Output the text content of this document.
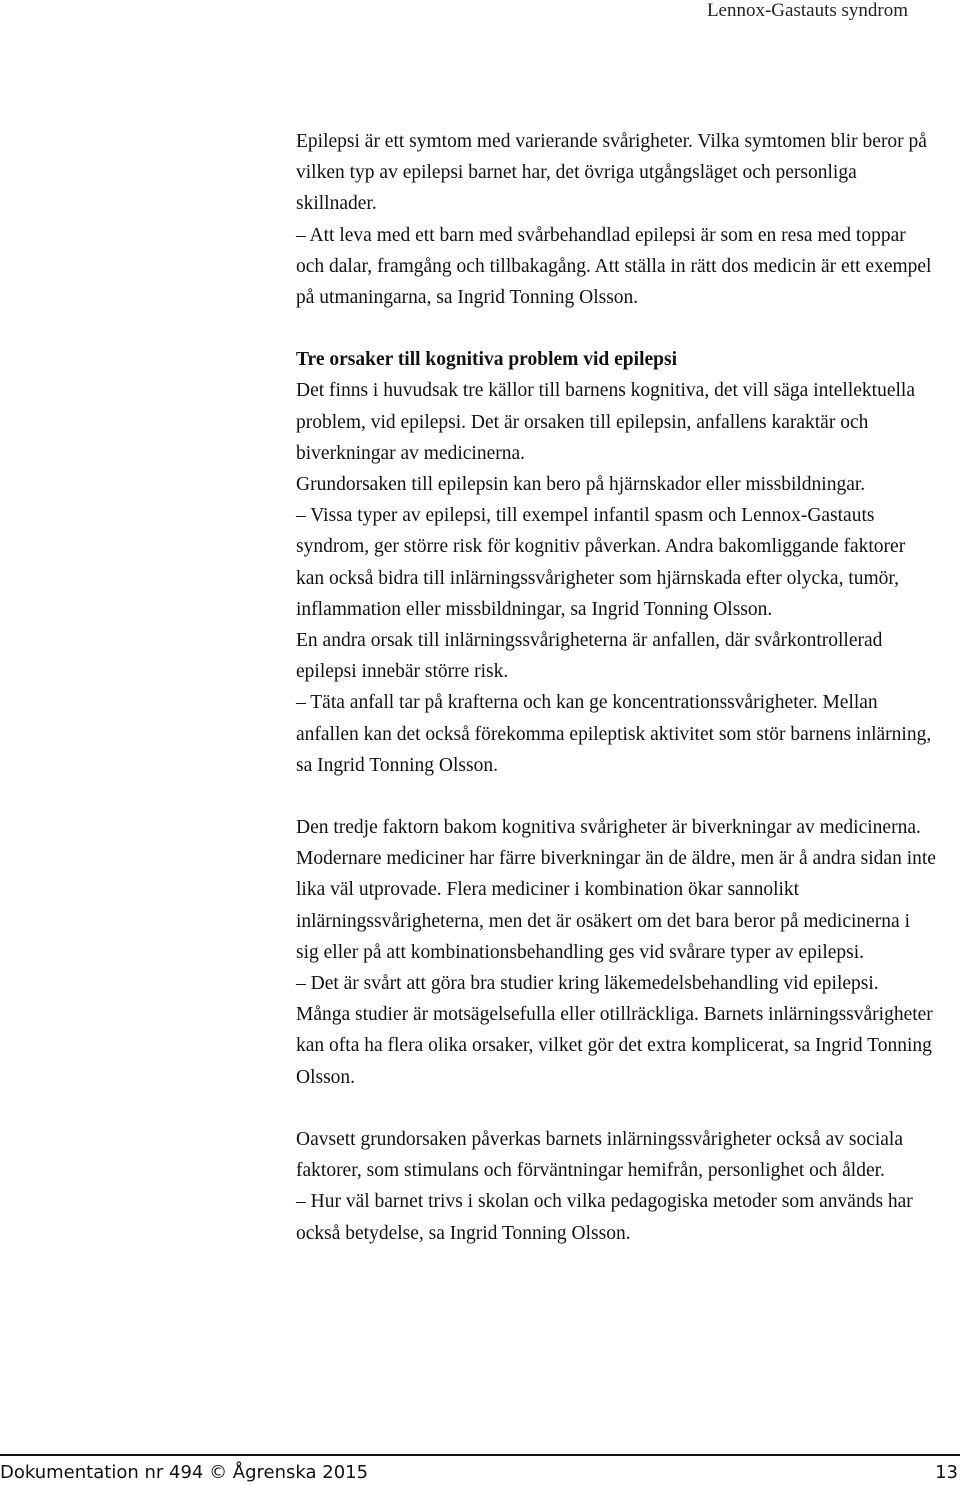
Lennox-Gastauts syndrom

Epilepsi är ett symtom med varierande svårigheter. Vilka symtomen blir beror på vilken typ av epilepsi barnet har, det övriga utgångsläget och personliga skillnader.

– Att leva med ett barn med svårbehandlad epilepsi är som en resa med toppar och dalar, framgång och tillbakagång. Att ställa in rätt dos medicin är ett exempel på utmaningarna, sa Ingrid Tonning Olsson.

Tre orsaker till kognitiva problem vid epilepsi

Det finns i huvudsak tre källor till barnens kognitiva, det vill säga intellektuella problem, vid epilepsi. Det är orsaken till epilepsin, anfallens karaktär och biverkningar av medicinerna.

Grundorsaken till epilepsin kan bero på hjärnskador eller missbildningar.

– Vissa typer av epilepsi, till exempel infantil spasm och Lennox-Gastauts syndrom, ger större risk för kognitiv påverkan. Andra bakomliggande faktorer kan också bidra till inlärningssvårigheter som hjärnskada efter olycka, tumör, inflammation eller missbildningar, sa Ingrid Tonning Olsson.

En andra orsak till inlärningssvårigheterna är anfallen, där svårkontrollerad epilepsi innebär större risk.

– Täta anfall tar på krafterna och kan ge koncentrationssvårigheter. Mellan anfallen kan det också förekomma epileptisk aktivitet som stör barnens inlärning, sa Ingrid Tonning Olsson.

Den tredje faktorn bakom kognitiva svårigheter är biverkningar av medicinerna. Modernare mediciner har färre biverkningar än de äldre, men är å andra sidan inte lika väl utprovade. Flera mediciner i kombination ökar sannolikt inlärningssvårigheterna, men det är osäkert om det bara beror på medicinerna i sig eller på att kombinationsbehandling ges vid svårare typer av epilepsi.

– Det är svårt att göra bra studier kring läkemedelsbehandling vid epilepsi. Många studier är motsägelsefulla eller otillräckliga. Barnets inlärningssvårigheter kan ofta ha flera olika orsaker, vilket gör det extra komplicerat, sa Ingrid Tonning Olsson.

Oavsett grundorsaken påverkas barnets inlärningssvårigheter också av sociala faktorer, som stimulans och förväntningar hemifrån, personlighet och ålder.

– Hur väl barnet trivs i skolan och vilka pedagogiska metoder som används har också betydelse, sa Ingrid Tonning Olsson.

Dokumentation nr 494 © Ågrenska 2015	13
